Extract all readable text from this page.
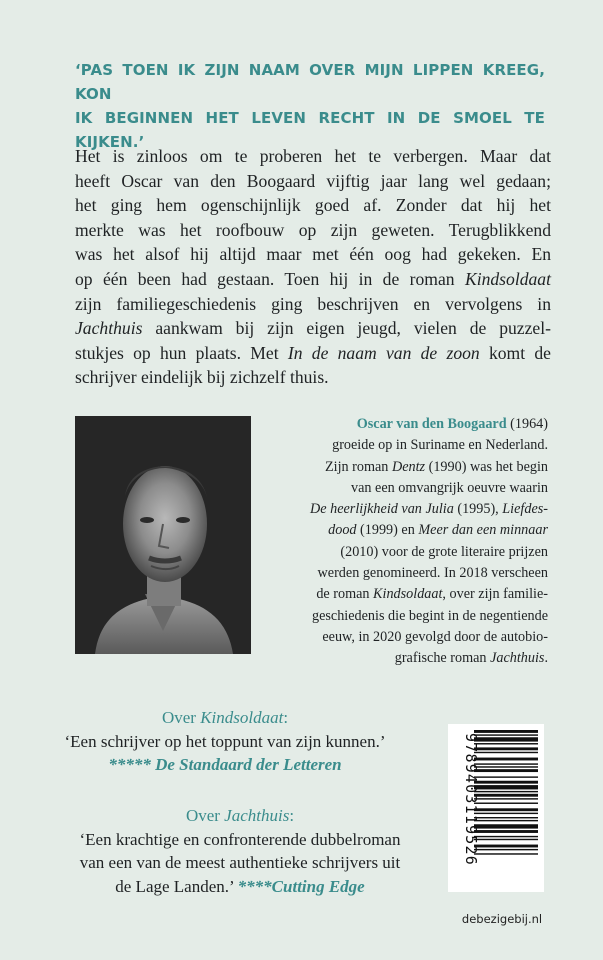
‘PAS TOEN IK ZIJN NAAM OVER MIJN LIPPEN KREEG, KON
IK BEGINNEN HET LEVEN RECHT IN DE SMOEL TE KIJKEN.’
Het is zinloos om te proberen het te verbergen. Maar dat
heeft Oscar van den Boogaard vijftig jaar lang wel gedaan;
het ging hem ogenschijnlijk goed af. Zonder dat hij het
merkte was het roofbouw op zijn geweten. Terugblikkend
was het alsof hij altijd maar met één oog had gekeken. En
op één been had gestaan. Toen hij in de roman Kindsoldaat
zijn familiegeschiedenis ging beschrijven en vervolgens in
Jachthuis aankwam bij zijn eigen jeugd, vielen de puzzel-
stukjes op hun plaats. Met In de naam van de zoon komt de
schrijver eindelijk bij zichzelf thuis.
Oscar van den Boogaard (1964)
groeide op in Suriname en Nederland.
Zijn roman Dentz (1990) was het begin
van een omvangrijk oeuvre waarin
De heerlijkheid van Julia (1995), Liefdes-
dood (1999) en Meer dan een minnaar
(2010) voor de grote literaire prijzen
werden genomineerd. In 2018 verscheen
de roman Kindsoldaat, over zijn familie-
geschiedenis die begint in de negentiende
eeuw, in 2020 gevolgd door de autobio-
grafische roman Jachthuis.
Over Kindsoldaat:
‘Een schrijver op het toppunt van zijn kunnen.’
***** De Standaard der Letteren
Over Jachthuis:
‘Een krachtige en confronterende dubbelroman
van een van de meest authentieke schrijvers uit
de Lage Landen.’ ****Cutting Edge
9789403119526
debezigebij.nl
